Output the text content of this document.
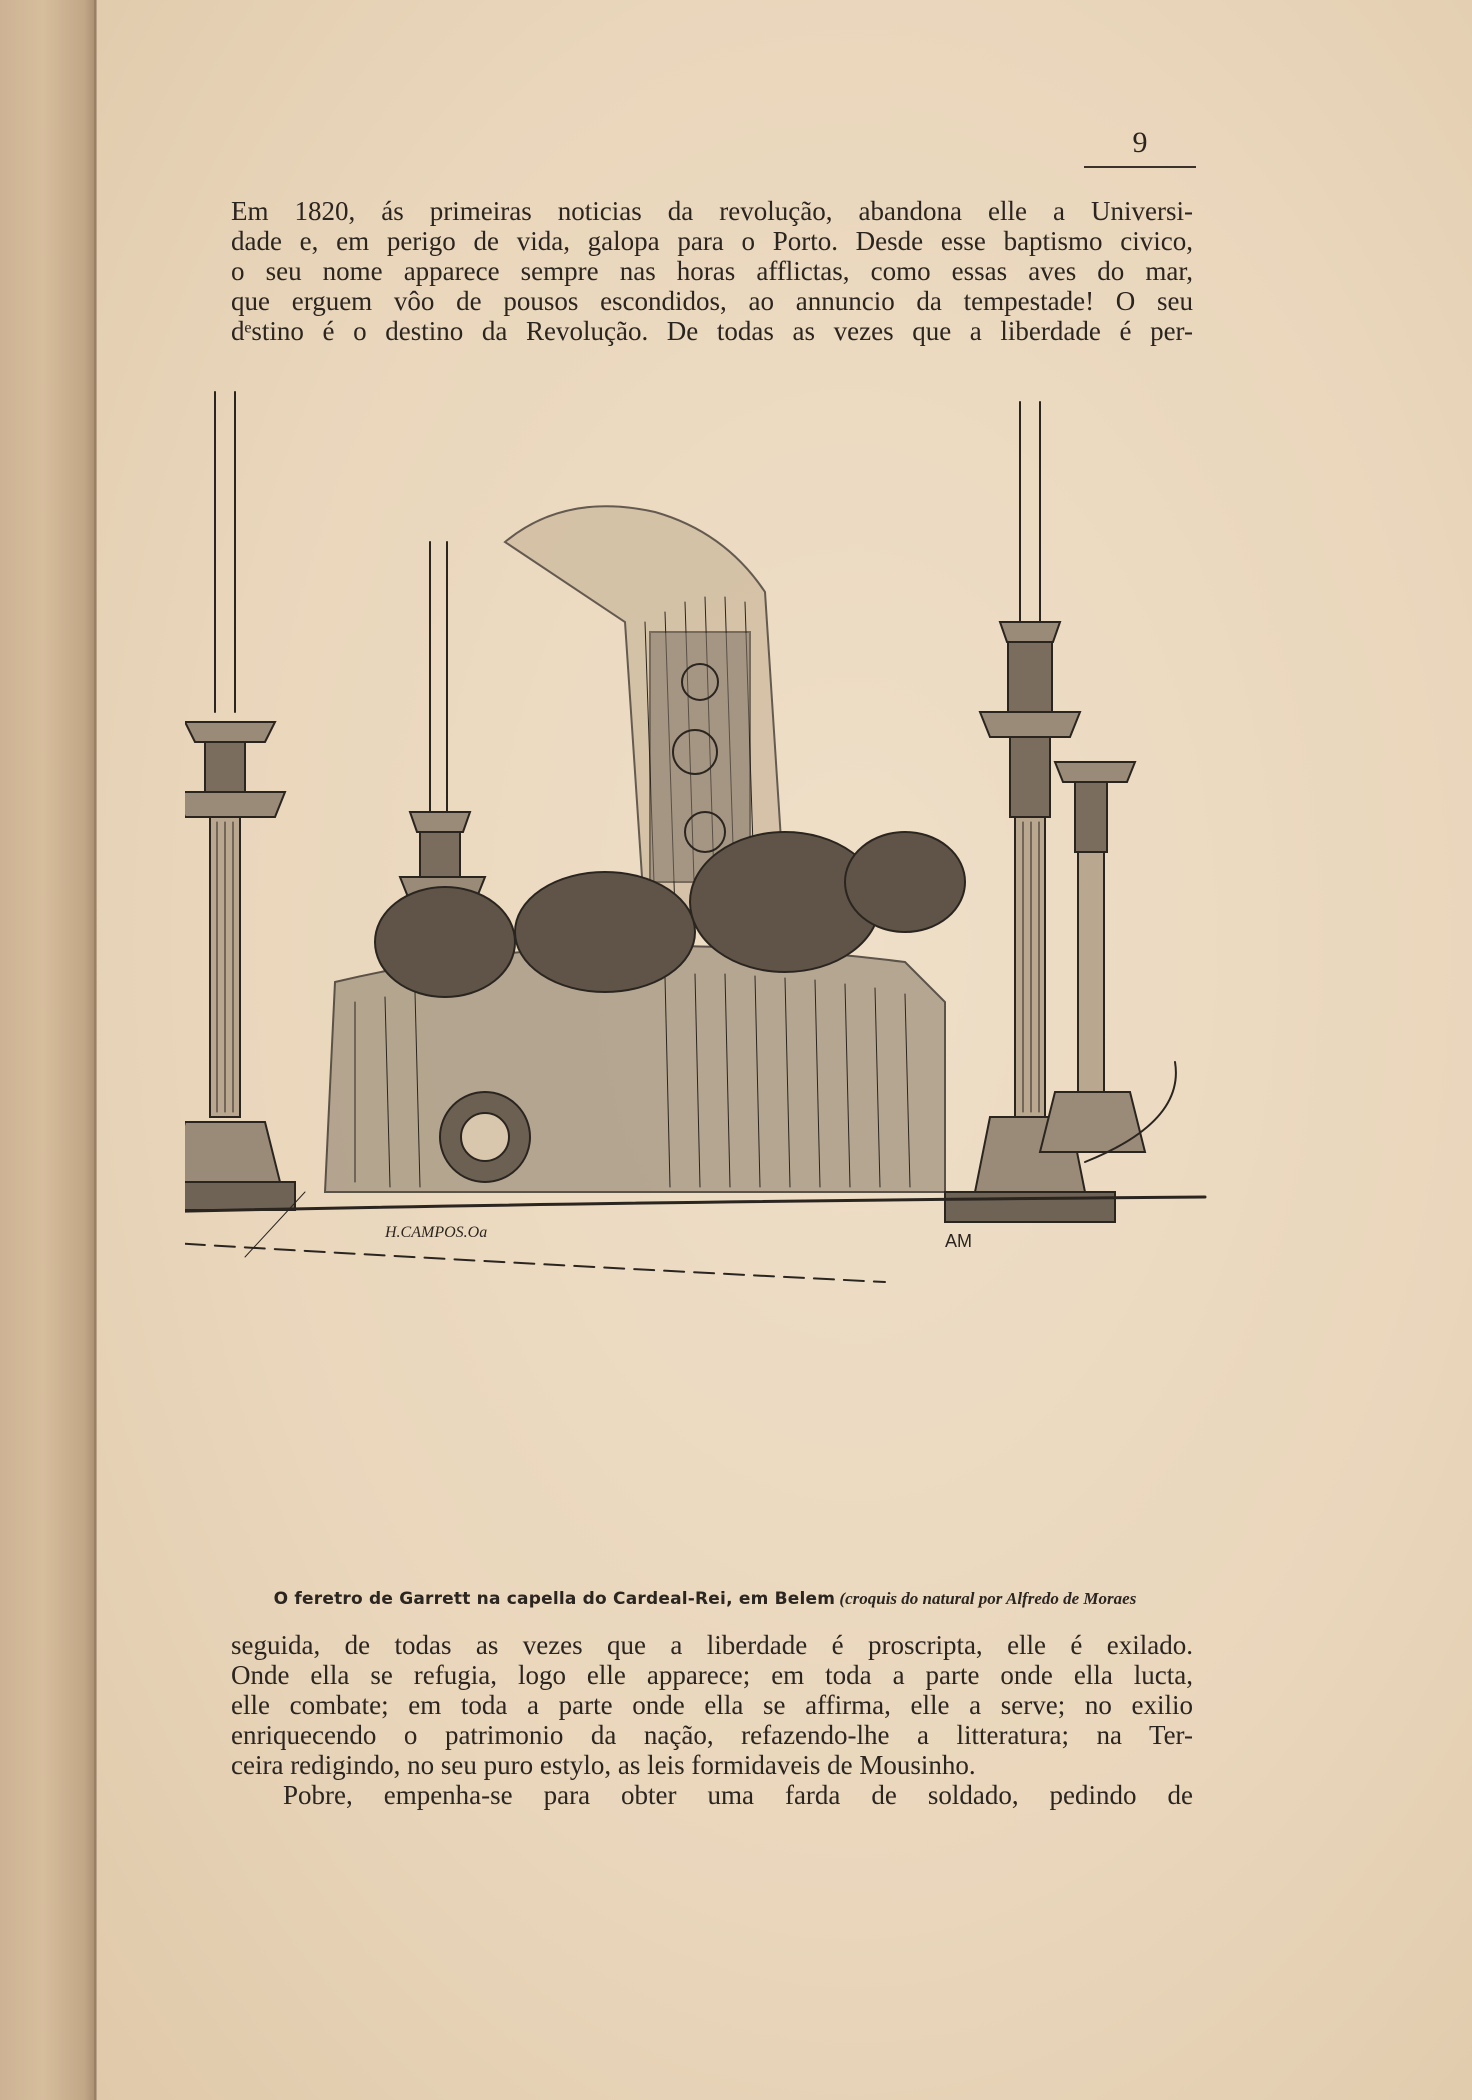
9
Em 1820, ás primeiras noticias da revolução, abandona elle a Universi-
dade e, em perigo de vida, galopa para o Porto. Desde esse baptismo civico,
o seu nome apparece sempre nas horas afflictas, como essas aves do mar,
que erguem vôo de pousos escondidos, ao annuncio da tempestade! O seu
dᵉstino é o destino da Revolução. De todas as vezes que a liberdade é per-
H.CAMPOS.Oa	AM
O feretro de Garrett na capella do Cardeal-Rei, em Belem (croquis do natural por Alfredo de Moraes
seguida, de todas as vezes que a liberdade é proscripta, elle é exilado.
Onde ella se refugia, logo elle apparece; em toda a parte onde ella lucta,
elle combate; em toda a parte onde ella se affirma, elle a serve; no exilio
enriquecendo o patrimonio da nação, refazendo-lhe a litteratura; na Ter-
ceira redigindo, no seu puro estylo, as leis formidaveis de Mousinho.
Pobre, empenha-se para obter uma farda de soldado, pedindo de
